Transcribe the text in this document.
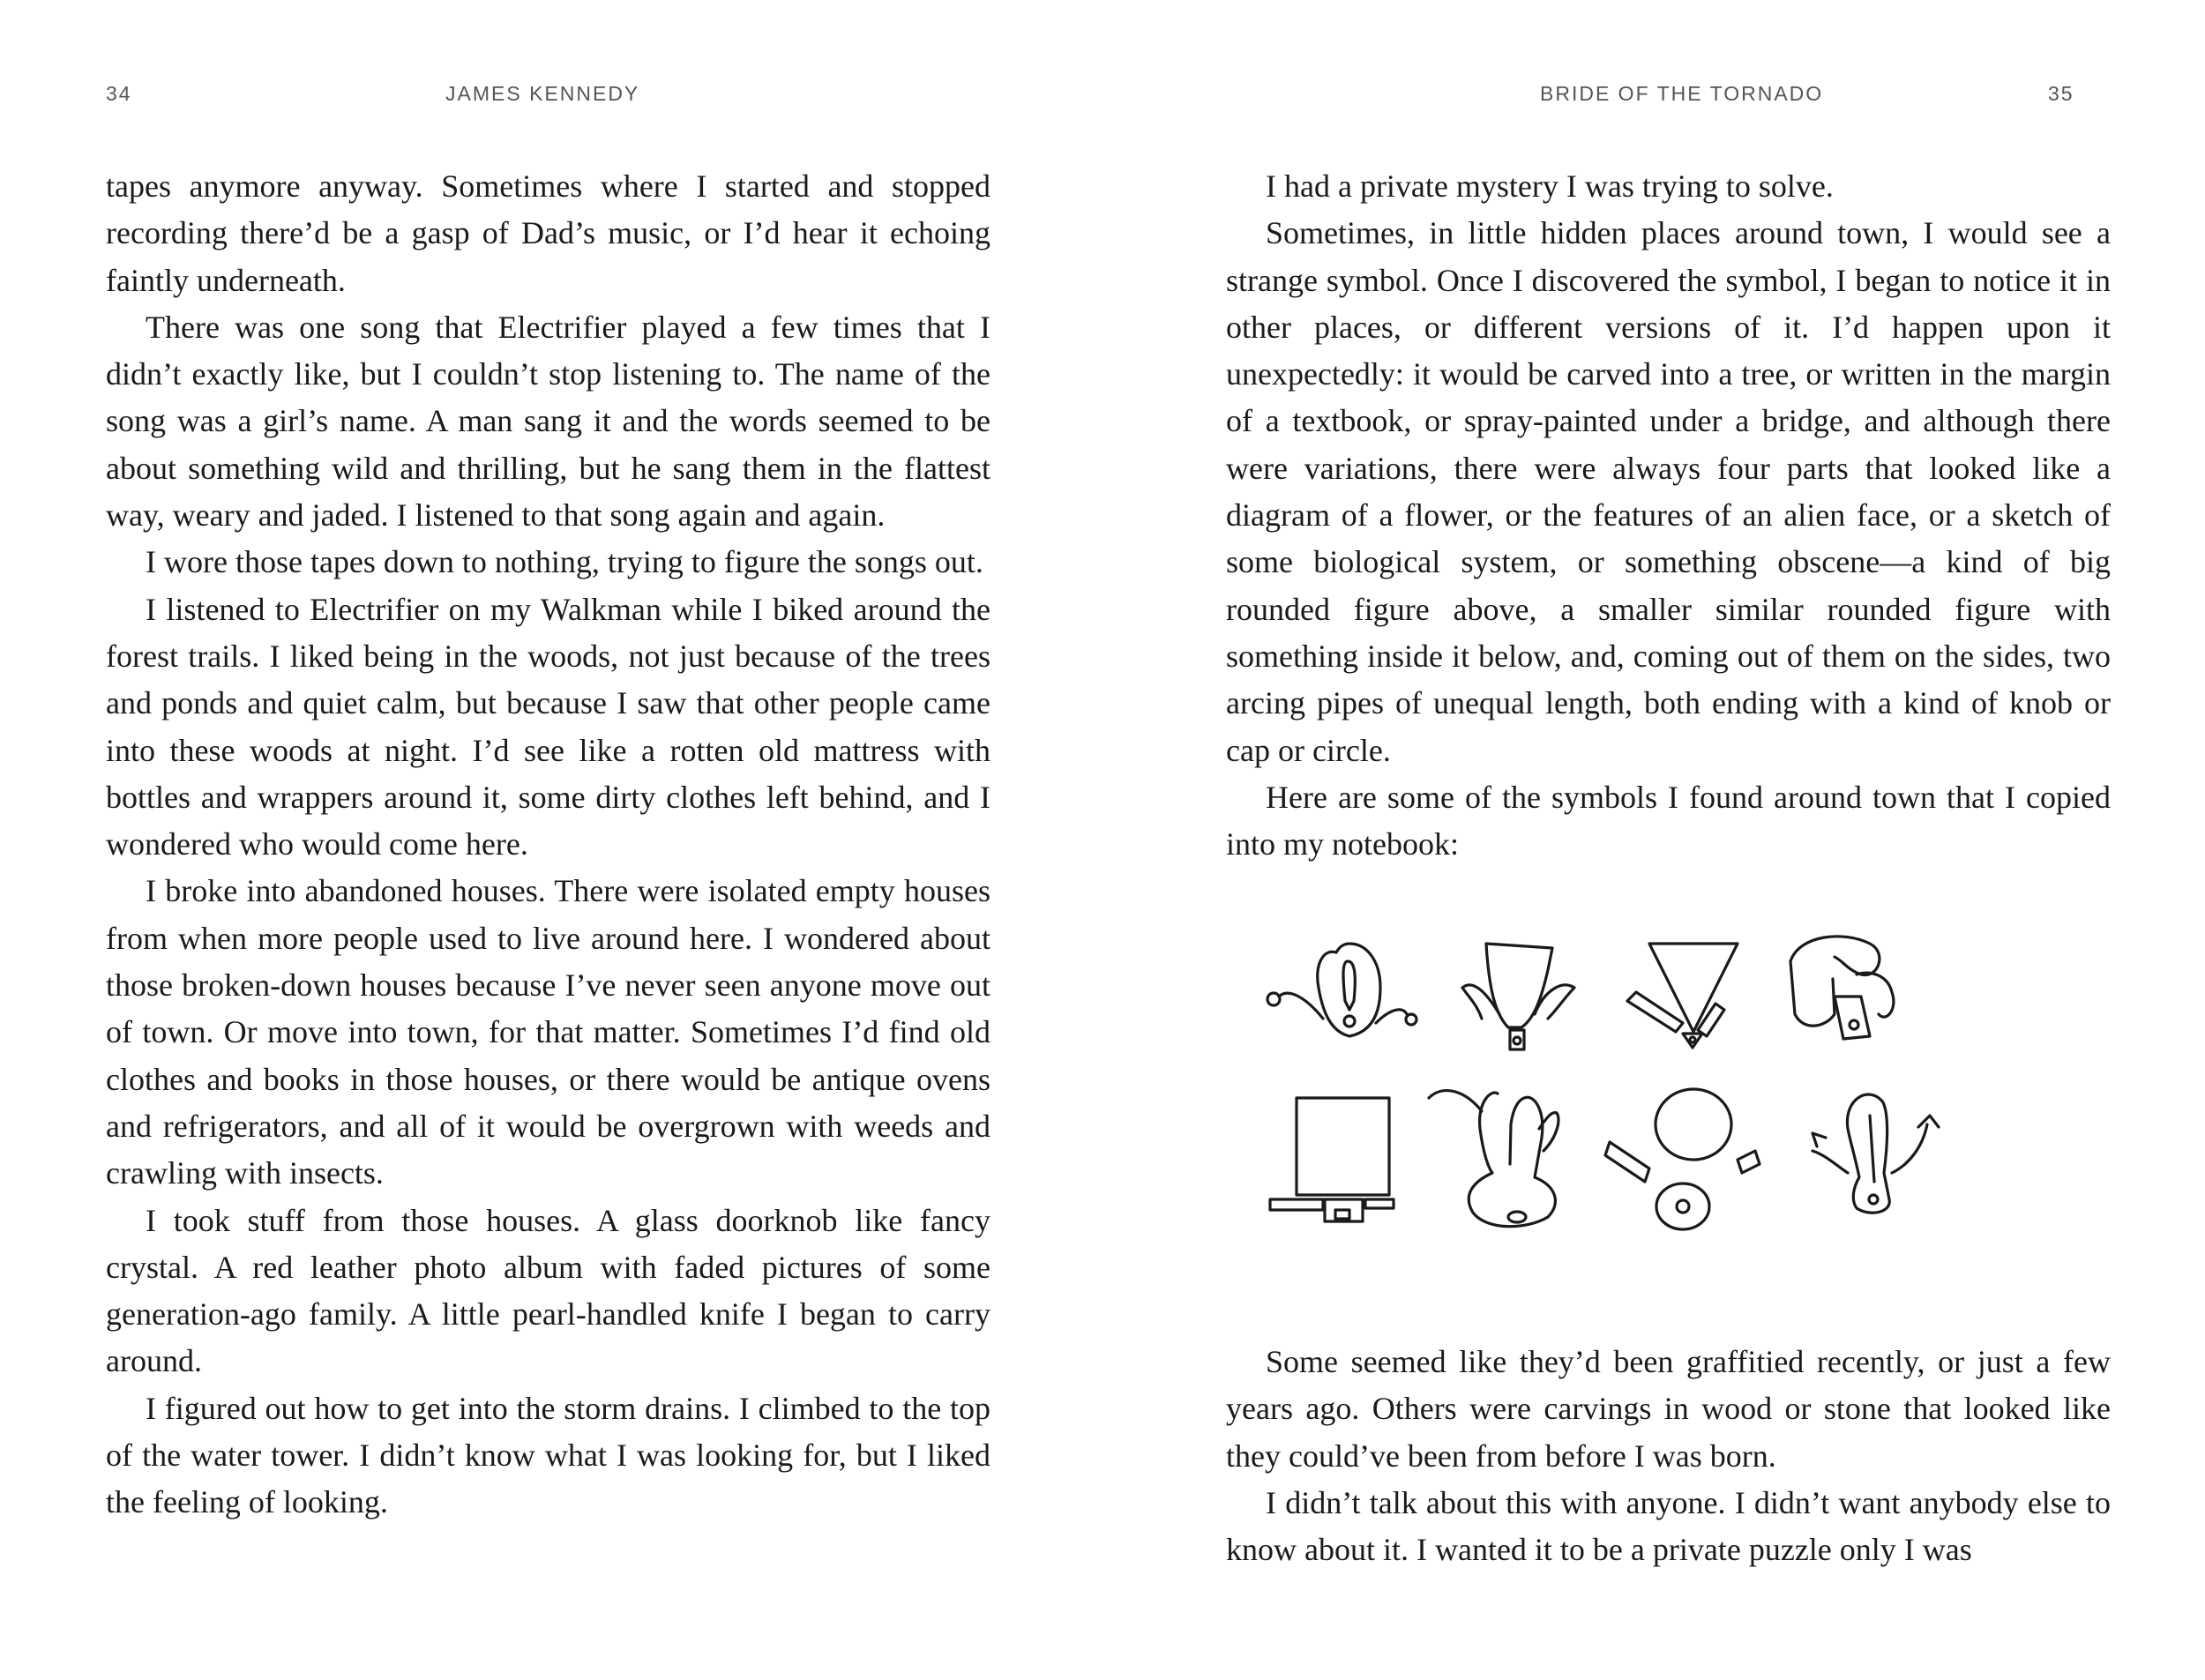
34	JAMES KENNEDY

tapes anymore anyway. Sometimes where I started and stopped recording there’d be a gasp of Dad’s music, or I’d hear it echoing faintly underneath.

There was one song that Electrifier played a few times that I didn’t exactly like, but I couldn’t stop listening to. The name of the song was a girl’s name. A man sang it and the words seemed to be about something wild and thrilling, but he sang them in the flattest way, weary and jaded. I listened to that song again and again.

I wore those tapes down to nothing, trying to figure the songs out.

I listened to Electrifier on my Walkman while I biked around the forest trails. I liked being in the woods, not just because of the trees and ponds and quiet calm, but because I saw that other people came into these woods at night. I’d see like a rotten old mattress with bottles and wrappers around it, some dirty clothes left behind, and I wondered who would come here.

I broke into abandoned houses. There were isolated empty houses from when more people used to live around here. I wondered about those broken-down houses because I’ve never seen anyone move out of town. Or move into town, for that matter. Sometimes I’d find old clothes and books in those houses, or there would be antique ovens and refrigerators, and all of it would be overgrown with weeds and crawling with insects.

I took stuff from those houses. A glass doorknob like fancy crystal. A red leather photo album with faded pictures of some generation-ago family. A little pearl-handled knife I began to carry around.

I figured out how to get into the storm drains. I climbed to the top of the water tower. I didn’t know what I was looking for, but I liked the feeling of looking.

BRIDE OF THE TORNADO	35

I had a private mystery I was trying to solve.

Sometimes, in little hidden places around town, I would see a strange symbol. Once I discovered the symbol, I began to notice it in other places, or different versions of it. I’d happen upon it unexpectedly: it would be carved into a tree, or written in the margin of a textbook, or spray-painted under a bridge, and although there were variations, there were always four parts that looked like a diagram of a flower, or the features of an alien face, or a sketch of some biological system, or something obscene—a kind of big rounded figure above, a smaller similar rounded figure with something inside it below, and, coming out of them on the sides, two arcing pipes of unequal length, both ending with a kind of knob or cap or circle.

Here are some of the symbols I found around town that I copied into my notebook:

Some seemed like they’d been graffitied recently, or just a few years ago. Others were carvings in wood or stone that looked like they could’ve been from before I was born.

I didn’t talk about this with anyone. I didn’t want anybody else to know about it. I wanted it to be a private puzzle only I was
